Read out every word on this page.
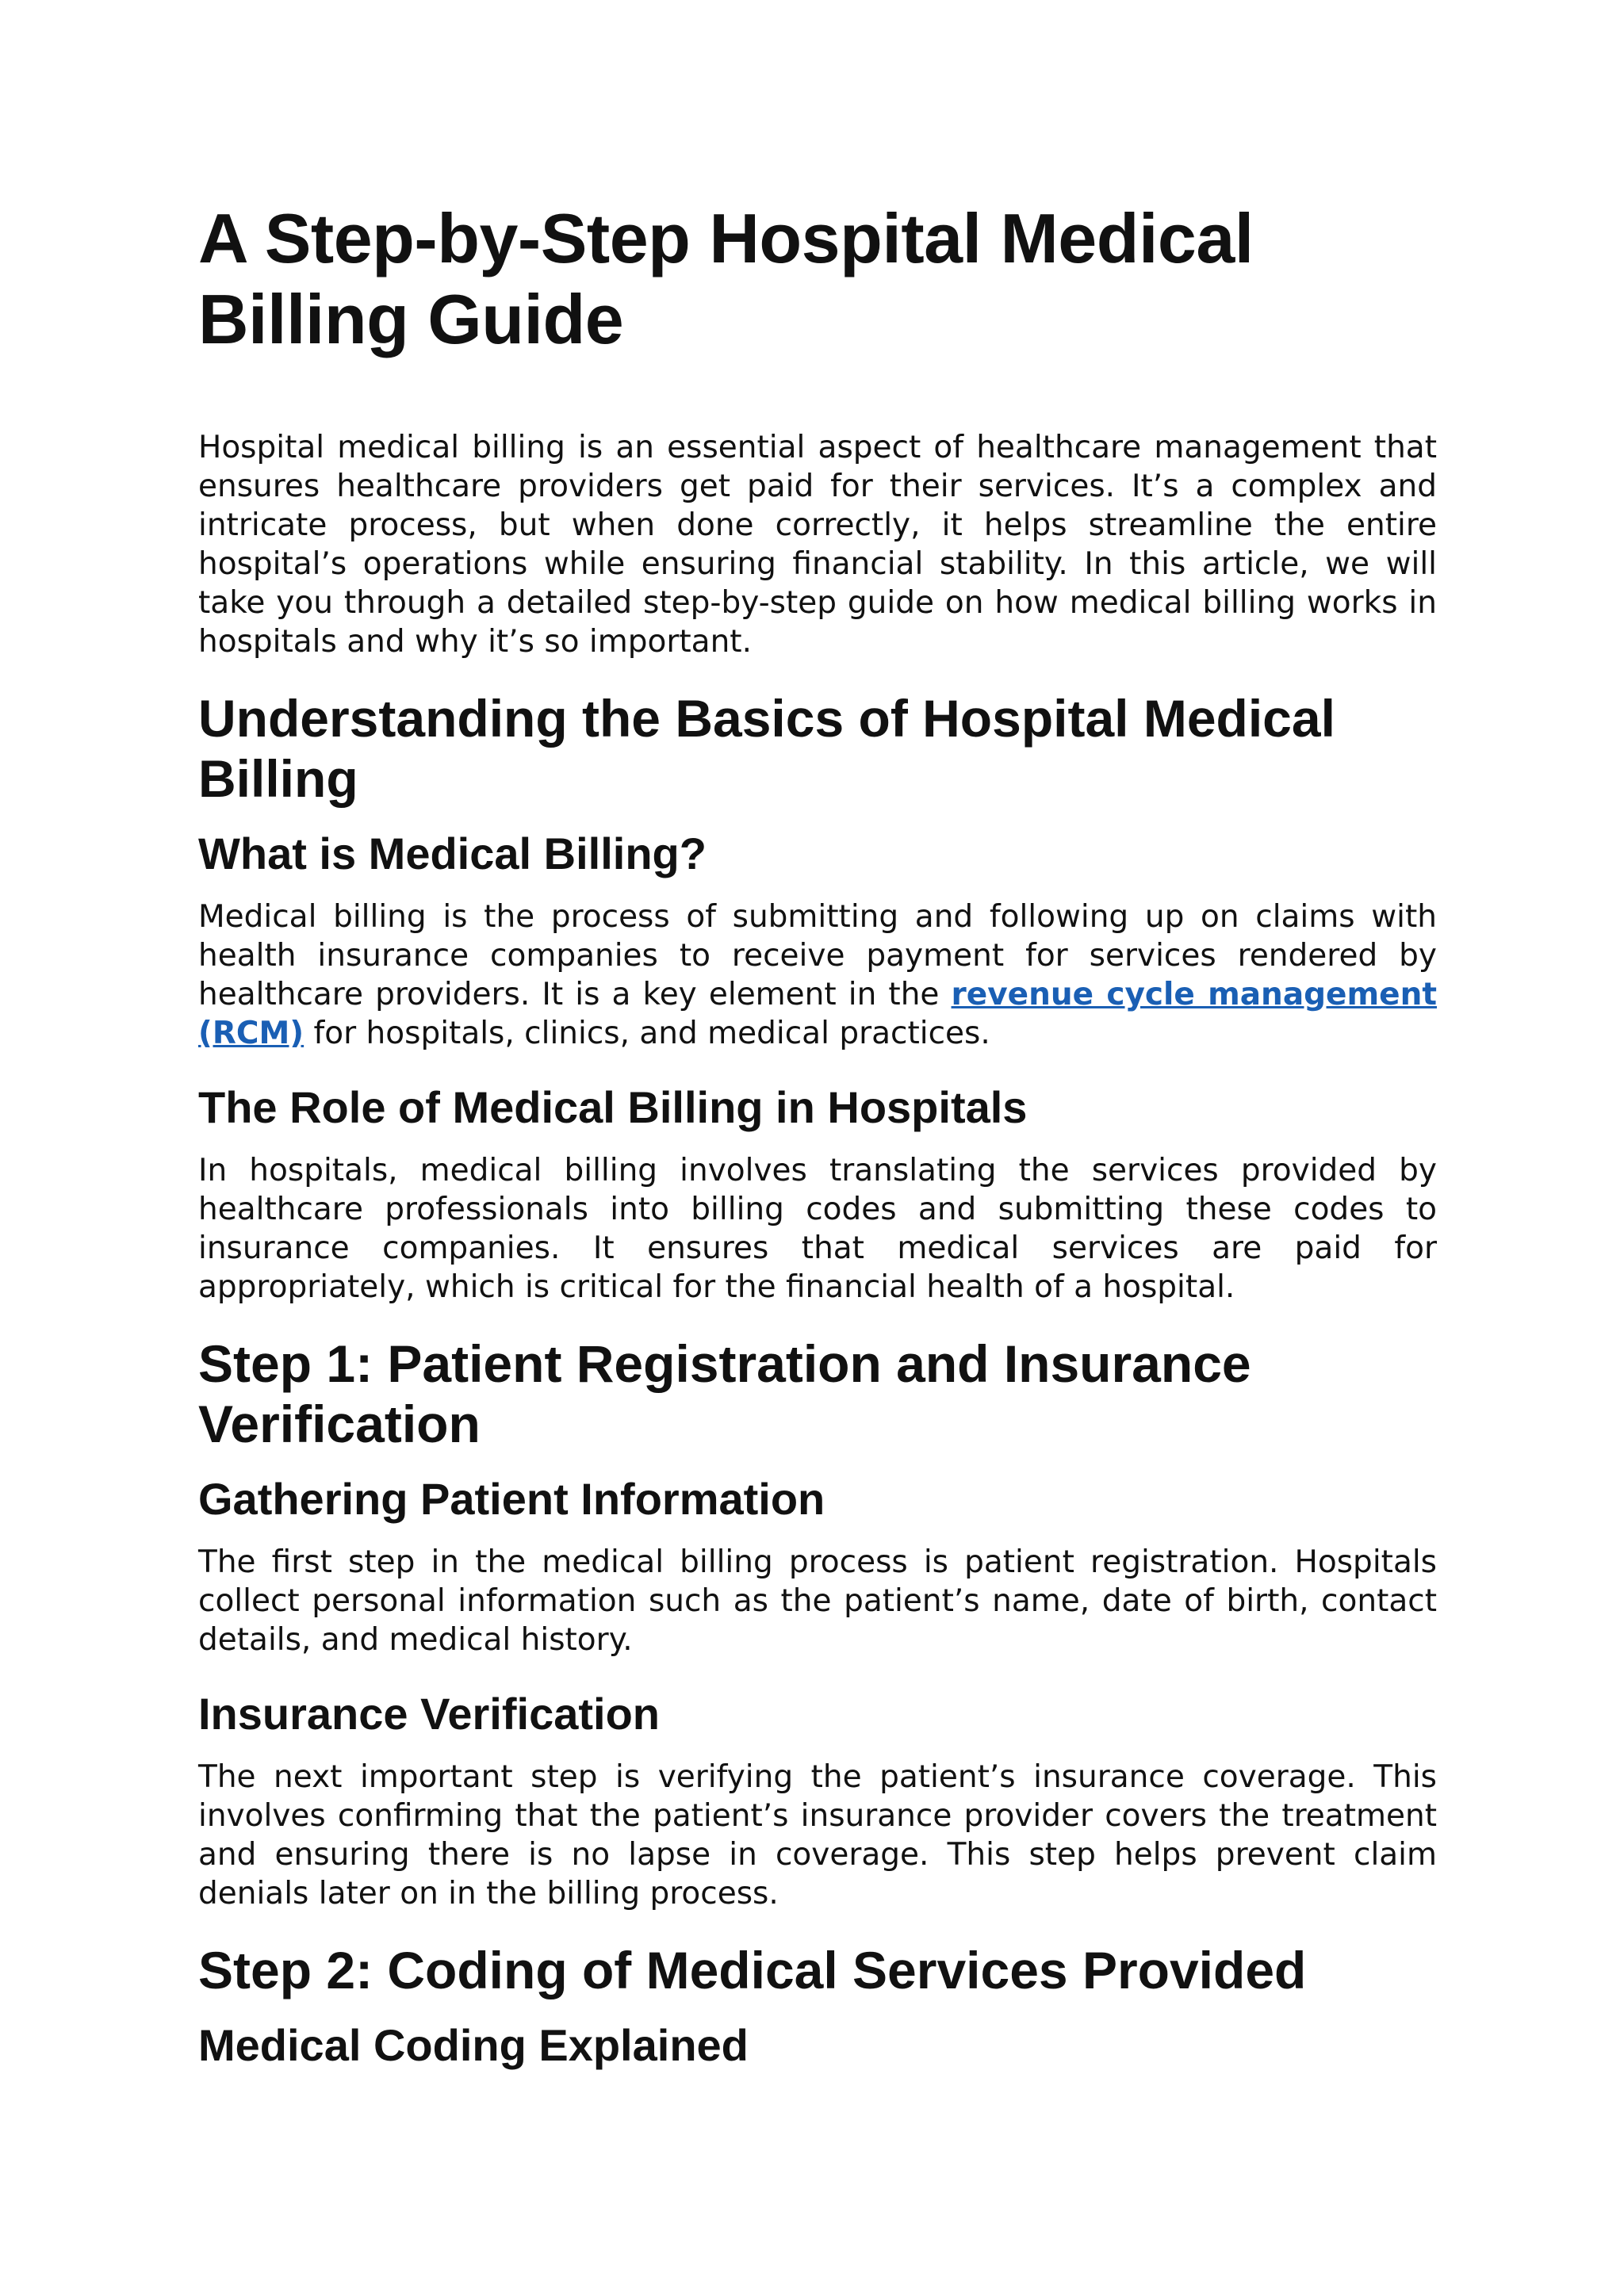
A Step-by-Step Hospital Medical Billing Guide

Hospital medical billing is an essential aspect of healthcare management that ensures healthcare providers get paid for their services. It’s a complex and intricate process, but when done correctly, it helps streamline the entire hospital’s operations while ensuring financial stability. In this article, we will take you through a detailed step-by-step guide on how medical billing works in hospitals and why it’s so important.

Understanding the Basics of Hospital Medical Billing
What is Medical Billing?

Medical billing is the process of submitting and following up on claims with health insurance companies to receive payment for services rendered by healthcare providers. It is a key element in the revenue cycle management (RCM) for hospitals, clinics, and medical practices.

The Role of Medical Billing in Hospitals

In hospitals, medical billing involves translating the services provided by healthcare professionals into billing codes and submitting these codes to insurance companies. It ensures that medical services are paid for appropriately, which is critical for the financial health of a hospital.

Step 1: Patient Registration and Insurance Verification
Gathering Patient Information

The first step in the medical billing process is patient registration. Hospitals collect personal information such as the patient’s name, date of birth, contact details, and medical history.

Insurance Verification

The next important step is verifying the patient’s insurance coverage. This involves confirming that the patient’s insurance provider covers the treatment and ensuring there is no lapse in coverage. This step helps prevent claim denials later on in the billing process.

Step 2: Coding of Medical Services Provided
Medical Coding Explained
